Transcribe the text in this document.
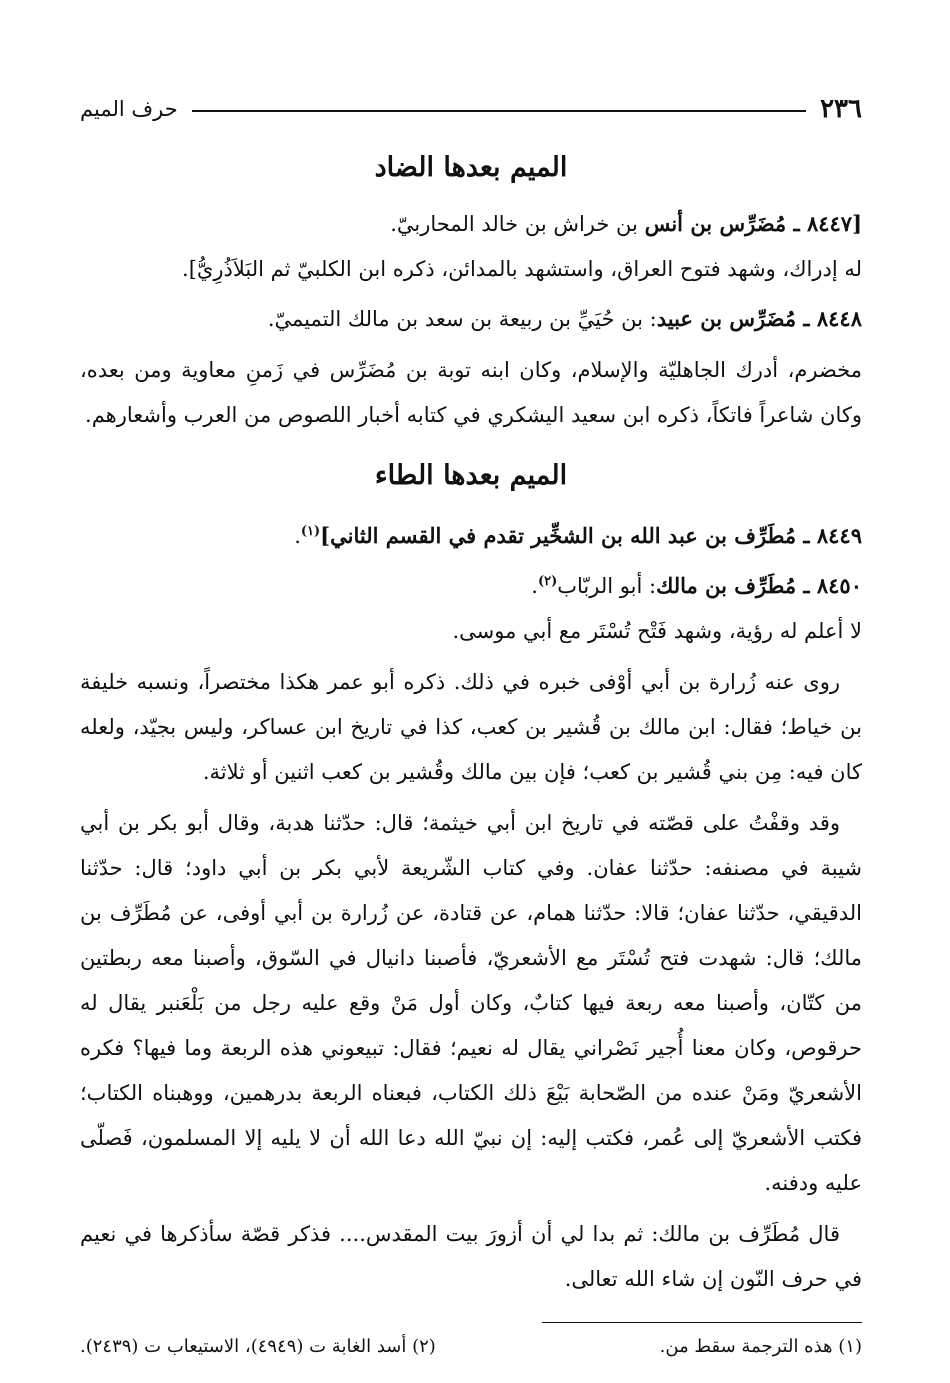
٢٣٦
حرف الميم
الميم بعدها الضاد
[٨٤٤٧ ـ مُضَرِّس بن أنس بن خراش بن خالد المحاربيّ.

له إدراك، وشهد فتوح العراق، واستشهد بالمدائن، ذكره ابن الكلبيّ ثم البَلاَذُرِيُّ].

٨٤٤٨ ـ مُضَرِّس بن عبيد: بن حُيَيِّ بن ربيعة بن سعد بن مالك التميميّ.

مخضرم، أدرك الجاهليّة والإسلام، وكان ابنه توبة بن مُضَرِّس في زَمنِ معاوية ومن بعده، وكان شاعراً فاتكاً، ذكره ابن سعيد اليشكري في كتابه أخبار اللصوص من العرب وأشعارهم.

الميم بعدها الطاء
٨٤٤٩ ـ مُطَرِّف بن عبد الله بن الشخِّير تقدم في القسم الثاني]$^{(١)}$.
٨٤٥٠ ـ مُطَرِّف بن مالك: أبو الربّاب$^{(٢)}$.

لا أعلم له رؤية، وشهد فَتْح تُسْتَر مع أبي موسى.

روى عنه زُرارة بن أبي أوْفى خبره في ذلك. ذكره أبو عمر هكذا مختصراً، ونسبه خليفة بن خياط؛ فقال: ابن مالك بن قُشير بن كعب، كذا في تاريخ ابن عساكر، وليس بجيّد، ولعله كان فيه: مِن بني قُشير بن كعب؛ فإن بين مالك وقُشير بن كعب اثنين أو ثلاثة.

وقد وقفْتُ على قصّته في تاريخ ابن أبي خيثمة؛ قال: حدّثنا هدبة، وقال أبو بكر بن أبي شيبة في مصنفه: حدّثنا عفان. وفي كتاب الشّريعة لأبي بكر بن أبي داود؛ قال: حدّثنا الدقيقي، حدّثنا عفان؛ قالا: حدّثنا همام، عن قتادة، عن زُرارة بن أبي أوفى، عن مُطَرِّف بن مالك؛ قال: شهدت فتح تُسْتَر مع الأشعريّ، فأصبنا دانيال في السّوق، وأصبنا معه ربطتين من كتّان، وأصبنا معه ربعة فيها كتابٌ، وكان أول مَنْ وقع عليه رجل من بَلْعَنبر يقال له حرقوص، وكان معنا أُجير نَصْراني يقال له نعيم؛ فقال: تبيعوني هذه الربعة وما فيها؟ فكره الأشعريّ ومَنْ عنده من الصّحابة بَيْعَ ذلك الكتاب، فبعناه الربعة بدرهمين، ووهبناه الكتاب؛ فكتب الأشعريّ إلى عُمر، فكتب إليه: إن نبيّ الله دعا الله أن لا يليه إلا المسلمون، فَصلّى عليه ودفنه.

قال مُطَرِّف بن مالك: ثم بدا لي أن أزورَ بيت المقدس.... فذكر قصّة سأذكرها في نعيم في حرف النّون إن شاء الله تعالى.

(١) هذه الترجمة سقط من.
(٢) أسد الغابة ت (٤٩٤٩)، الاستيعاب ت (٢٤٣٩).
